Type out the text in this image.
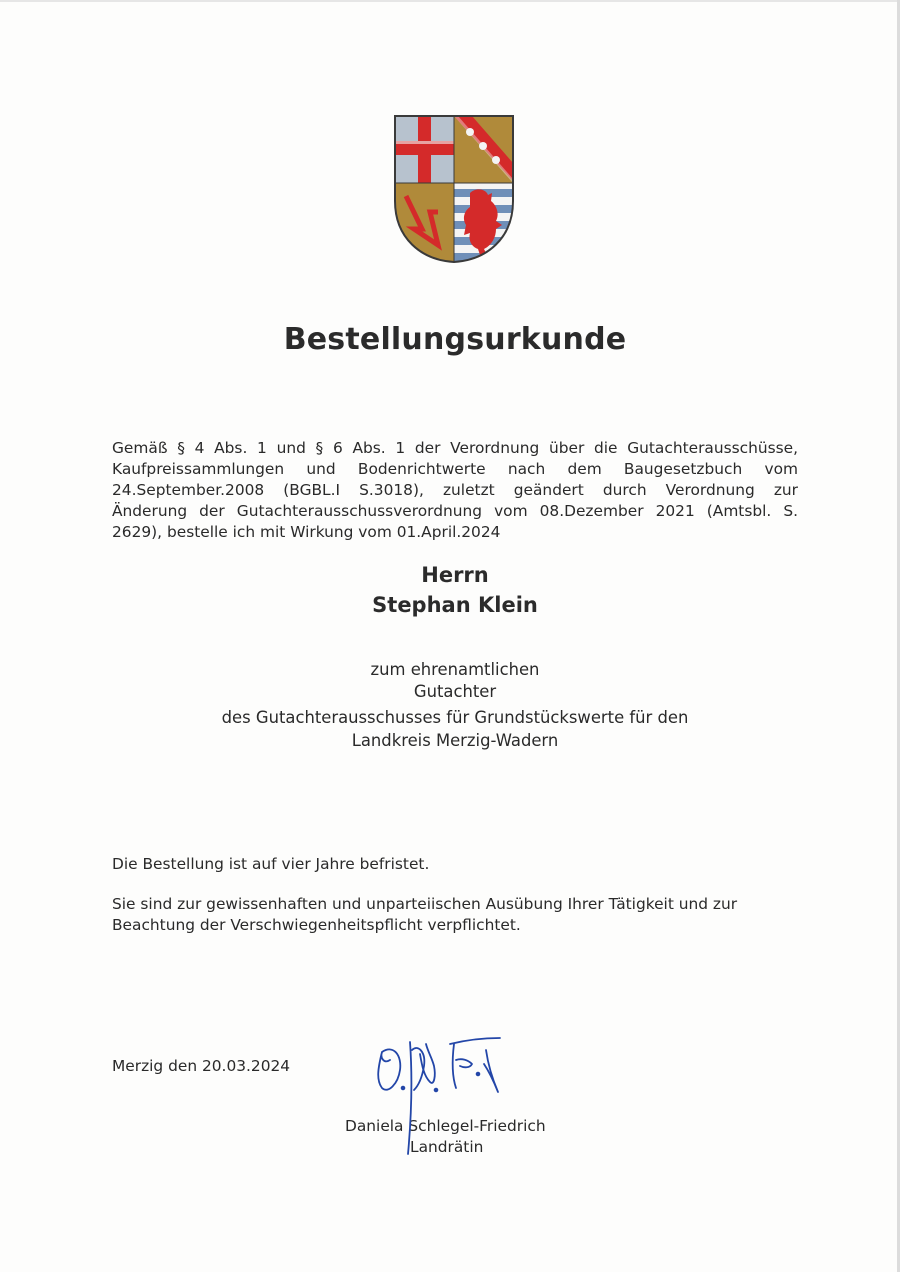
Bestellungsurkunde
Gemäß § 4 Abs. 1 und § 6 Abs. 1 der Verordnung über die Gutachterausschüsse,
Kaufpreissammlungen und Bodenrichtwerte nach dem Baugesetzbuch vom
24.September.2008 (BGBL.I S.3018), zuletzt geändert durch Verordnung zur
Änderung der Gutachterausschussverordnung vom 08.Dezember 2021 (Amtsbl. S.
2629), bestelle ich mit Wirkung vom 01.April.2024
Herrn
Stephan Klein
zum ehrenamtlichen
Gutachter
des Gutachterausschusses für Grundstückswerte für den
Landkreis Merzig-Wadern
Die Bestellung ist auf vier Jahre befristet.
Sie sind zur gewissenhaften und unparteiischen Ausübung Ihrer Tätigkeit und zur Beachtung der Verschwiegenheitspflicht verpflichtet.
Merzig den 20.03.2024
Daniela Schlegel-Friedrich
Landrätin
